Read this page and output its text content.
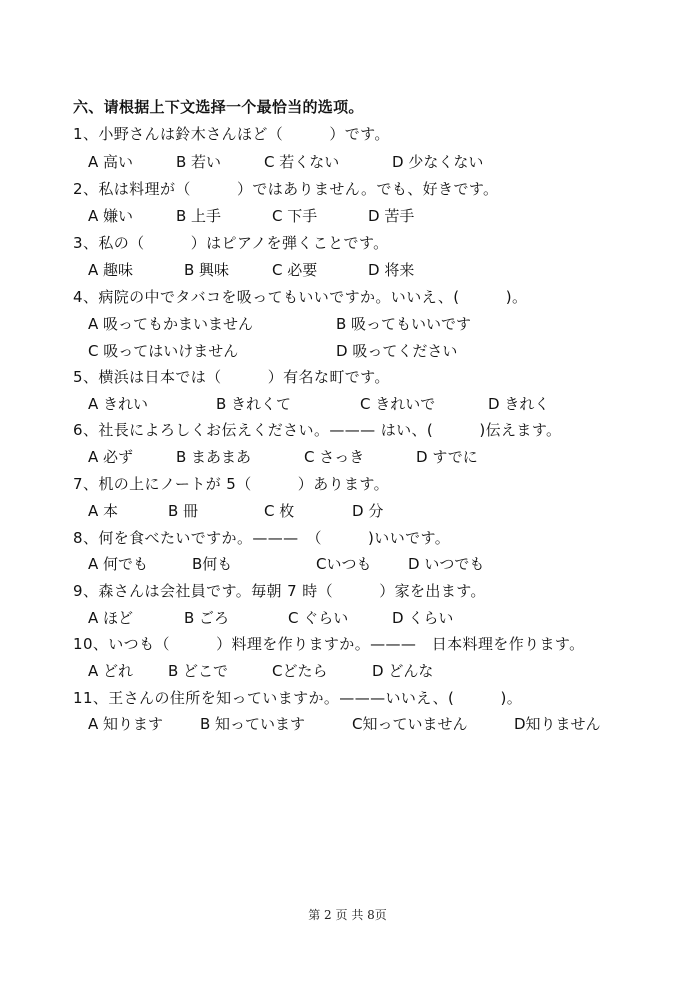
六、请根据上下文选择一个最恰当的选项。
1、小野さんは鈴木さんほど（　　　）です。
A 高い	B 若い	C 若くない	D 少なくない
2、私は料理が（　　　）ではありません。でも、好きです。
A 嫌い	B 上手	C 下手	D 苦手
3、私の（　　　）はピアノを弾くことです。
A 趣味	B 興味	C 必要	D 将来
4、病院の中でタバコを吸ってもいいですか。いいえ、(　　　)。
A 吸ってもかまいません	B 吸ってもいいです
C 吸ってはいけません	D 吸ってください
5、横浜は日本では（　　　）有名な町です。
A きれい	B きれくて	C きれいで	D きれく
6、社長によろしくお伝えください。——— はい、(　　　)伝えます。
A 必ず	B まあまあ	C さっき	D すでに
7、机の上にノートが 5（　　　）あります。
A 本	B 冊	C 枚	D 分
8、何を食べたいですか。———　（　　　)いいです。
A 何でも	B何も	Cいつも D いつでも
9、森さんは会社員です。毎朝 7 時（　　　）家を出ます。
A ほど	B ごろ	C ぐらい	D くらい
10、いつも（　　　）料理を作りますか。———　日本料理を作ります。
A どれ B どこで	Cどたら	D どんな
11、王さんの住所を知っていますか。———いいえ、(　　　)。
A 知ります B 知っています	C知っていません	D知りません
第 2 页 共 8页
